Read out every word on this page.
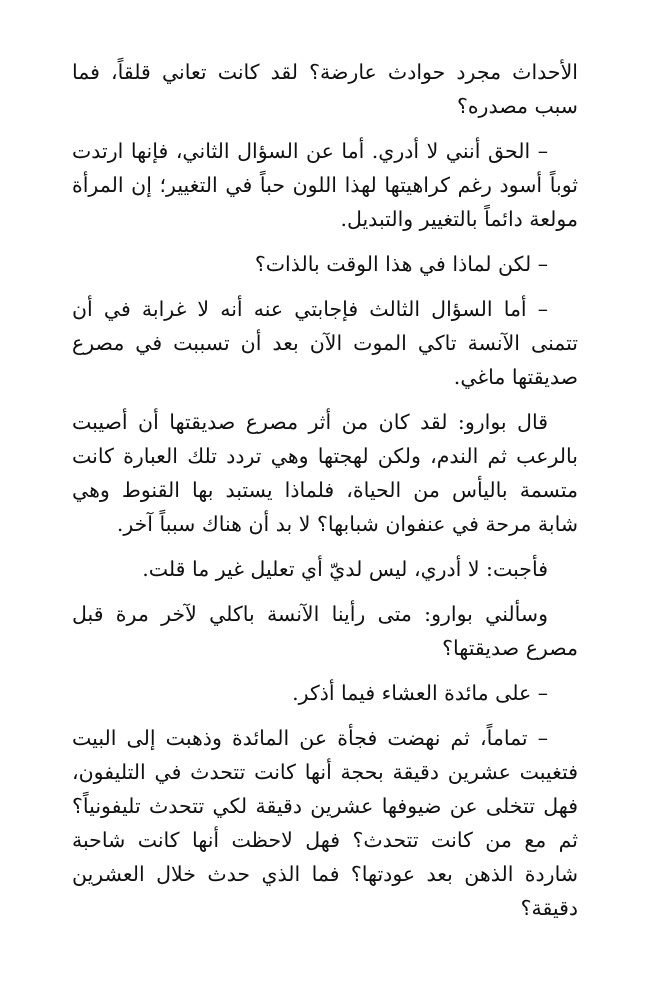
الأحداث مجرد حوادث عارضة؟ لقد كانت تعاني قلقاً، فما سبب مصدره؟

– الحق أنني لا أدري. أما عن السؤال الثاني، فإنها ارتدت ثوباً أسود رغم كراهيتها لهذا اللون حباً في التغيير؛ إن المرأة مولعة دائماً بالتغيير والتبديل.

– لكن لماذا في هذا الوقت بالذات؟

– أما السؤال الثالث فإجابتي عنه أنه لا غرابة في أن تتمنى الآنسة تاكي الموت الآن بعد أن تسببت في مصرع صديقتها ماغي.

قال بوارو: لقد كان من أثر مصرع صديقتها أن أصيبت بالرعب ثم الندم، ولكن لهجتها وهي تردد تلك العبارة كانت متسمة باليأس من الحياة، فلماذا يستبد بها القنوط وهي شابة مرحة في عنفوان شبابها؟ لا بد أن هناك سبباً آخر.

فأجبت: لا أدري، ليس لديّ أي تعليل غير ما قلت.

وسألني بوارو: متى رأينا الآنسة باكلي لآخر مرة قبل مصرع صديقتها؟

– على مائدة العشاء فيما أذكر.

– تماماً، ثم نهضت فجأة عن المائدة وذهبت إلى البيت فتغيبت عشرين دقيقة بحجة أنها كانت تتحدث في التليفون، فهل تتخلى عن ضيوفها عشرين دقيقة لكي تتحدث تليفونياً؟ ثم مع من كانت تتحدث؟ فهل لاحظت أنها كانت شاحبة شاردة الذهن بعد عودتها؟ فما الذي حدث خلال العشرين دقيقة؟
